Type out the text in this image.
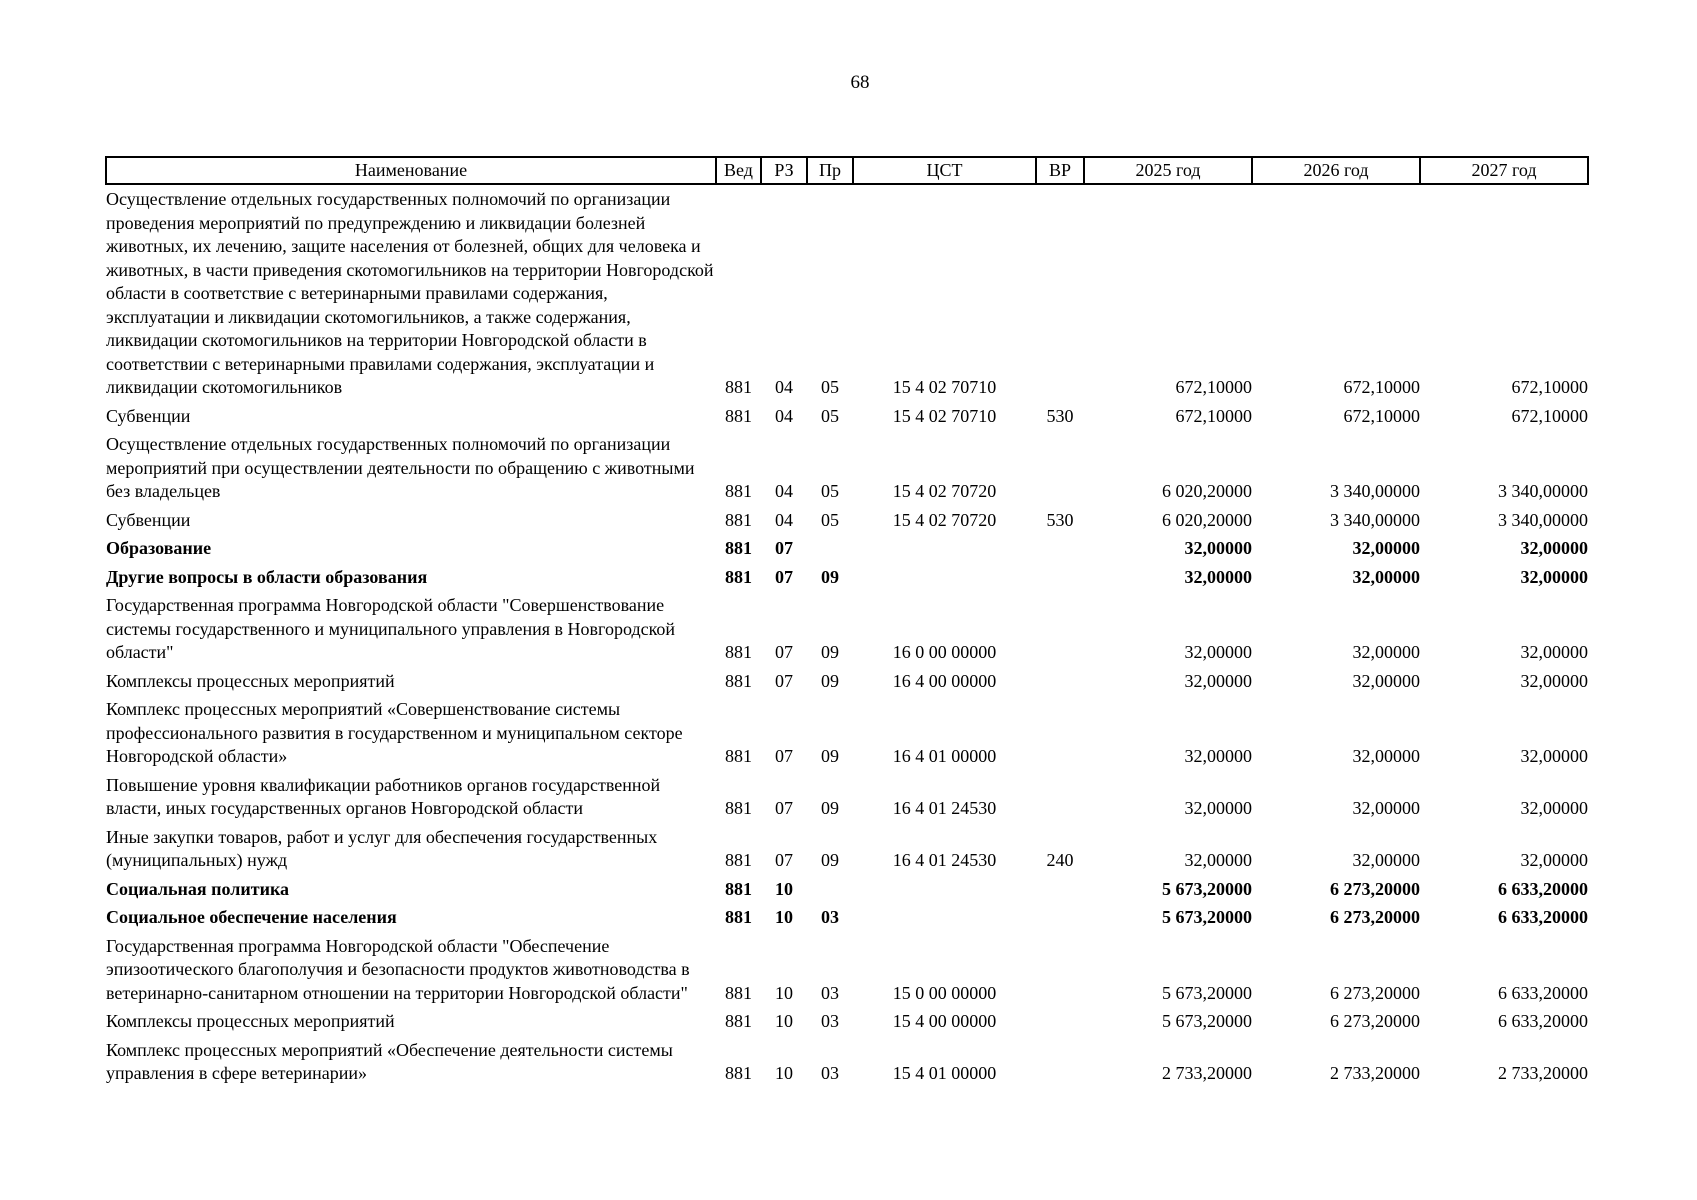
68
Наименование	Вед	РЗ	Пр	ЦСТ	ВР	2025 год	2026 год	2027 год
Осуществление отдельных государственных полномочий по организации проведения мероприятий по предупреждению и ликвидации болезней животных, их лечению, защите населения от болезней, общих для человека и животных, в части приведения скотомогильников на территории Новгородской области в соответствие с ветеринарными правилами содержания, эксплуатации и ликвидации скотомогильников, а также содержания, ликвидации скотомогильников на территории Новгородской области в соответствии с ветеринарными правилами содержания, эксплуатации и ликвидации скотомогильников	881	04	05	15 4 02 70710		672,10000	672,10000	672,10000
Субвенции	881	04	05	15 4 02 70710	530	672,10000	672,10000	672,10000
Осуществление отдельных государственных полномочий по организации мероприятий при осуществлении деятельности по обращению с животными без владельцев	881	04	05	15 4 02 70720		6 020,20000	3 340,00000	3 340,00000
Субвенции	881	04	05	15 4 02 70720	530	6 020,20000	3 340,00000	3 340,00000
Образование	881	07				32,00000	32,00000	32,00000
Другие вопросы в области образования	881	07	09			32,00000	32,00000	32,00000
Государственная программа Новгородской области "Совершенствование системы государственного и муниципального управления в Новгородской области"	881	07	09	16 0 00 00000		32,00000	32,00000	32,00000
Комплексы процессных мероприятий	881	07	09	16 4 00 00000		32,00000	32,00000	32,00000
Комплекс процессных мероприятий «Совершенствование системы профессионального развития в государственном и муниципальном секторе Новгородской области»	881	07	09	16 4 01 00000		32,00000	32,00000	32,00000
Повышение уровня квалификации работников органов государственной власти, иных государственных органов Новгородской области	881	07	09	16 4 01 24530		32,00000	32,00000	32,00000
Иные закупки товаров, работ и услуг для обеспечения государственных (муниципальных) нужд	881	07	09	16 4 01 24530	240	32,00000	32,00000	32,00000
Социальная политика	881	10				5 673,20000	6 273,20000	6 633,20000
Социальное обеспечение населения	881	10	03			5 673,20000	6 273,20000	6 633,20000
Государственная программа Новгородской области "Обеспечение эпизоотического благополучия и безопасности продуктов животноводства в ветеринарно-санитарном отношении на территории Новгородской области"	881	10	03	15 0 00 00000		5 673,20000	6 273,20000	6 633,20000
Комплексы процессных мероприятий	881	10	03	15 4 00 00000		5 673,20000	6 273,20000	6 633,20000
Комплекс процессных мероприятий «Обеспечение деятельности системы управления в сфере ветеринарии»	881	10	03	15 4 01 00000		2 733,20000	2 733,20000	2 733,20000
